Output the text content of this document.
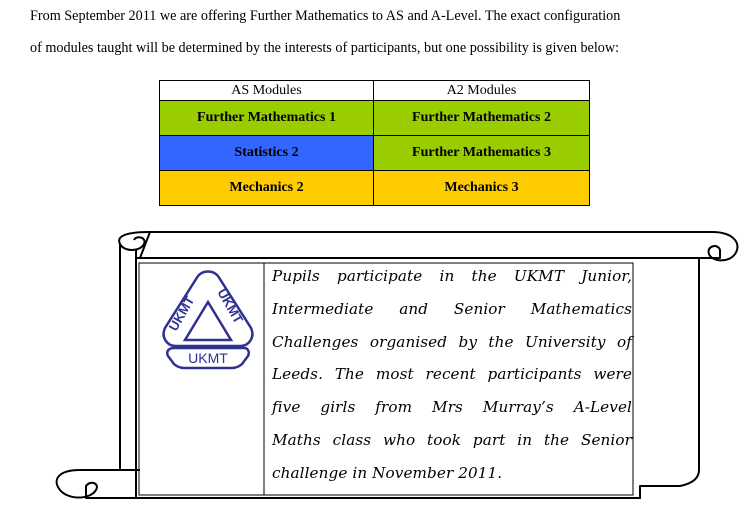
From September 2011 we are offering Further Mathematics to AS and A-Level. The exact configuration
of modules taught will be determined by the interests of participants, but one possibility is given below:

AS Modules	A2 Modules
Further Mathematics 1	Further Mathematics 2
Statistics 2	Further Mathematics 3
Mechanics 2	Mechanics 3
UKMT UKMT
UKMT

Pupils participate in the UKMT Junior,
Intermediate and Senior Mathematics
Challenges organised by the University of
Leeds. The most recent participants were
five girls from Mrs Murray’s A-Level
Maths class who took part in the Senior
challenge in November 2011.
